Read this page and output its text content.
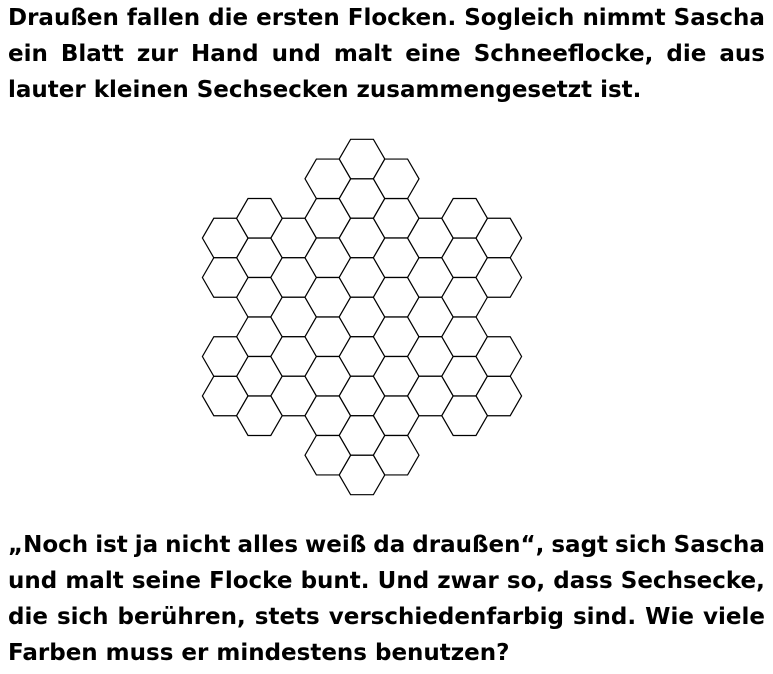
Draußen fallen die ersten Flocken. Sogleich nimmt Sascha
ein Blatt zur Hand und malt eine Schneeflocke, die aus
lauter kleinen Sechsecken zusammengesetzt ist.
„Noch ist ja nicht alles weiß da draußen“, sagt sich Sascha
und malt seine Flocke bunt. Und zwar so, dass Sechsecke,
die sich berühren, stets verschiedenfarbig sind. Wie viele
Farben muss er mindestens benutzen?
